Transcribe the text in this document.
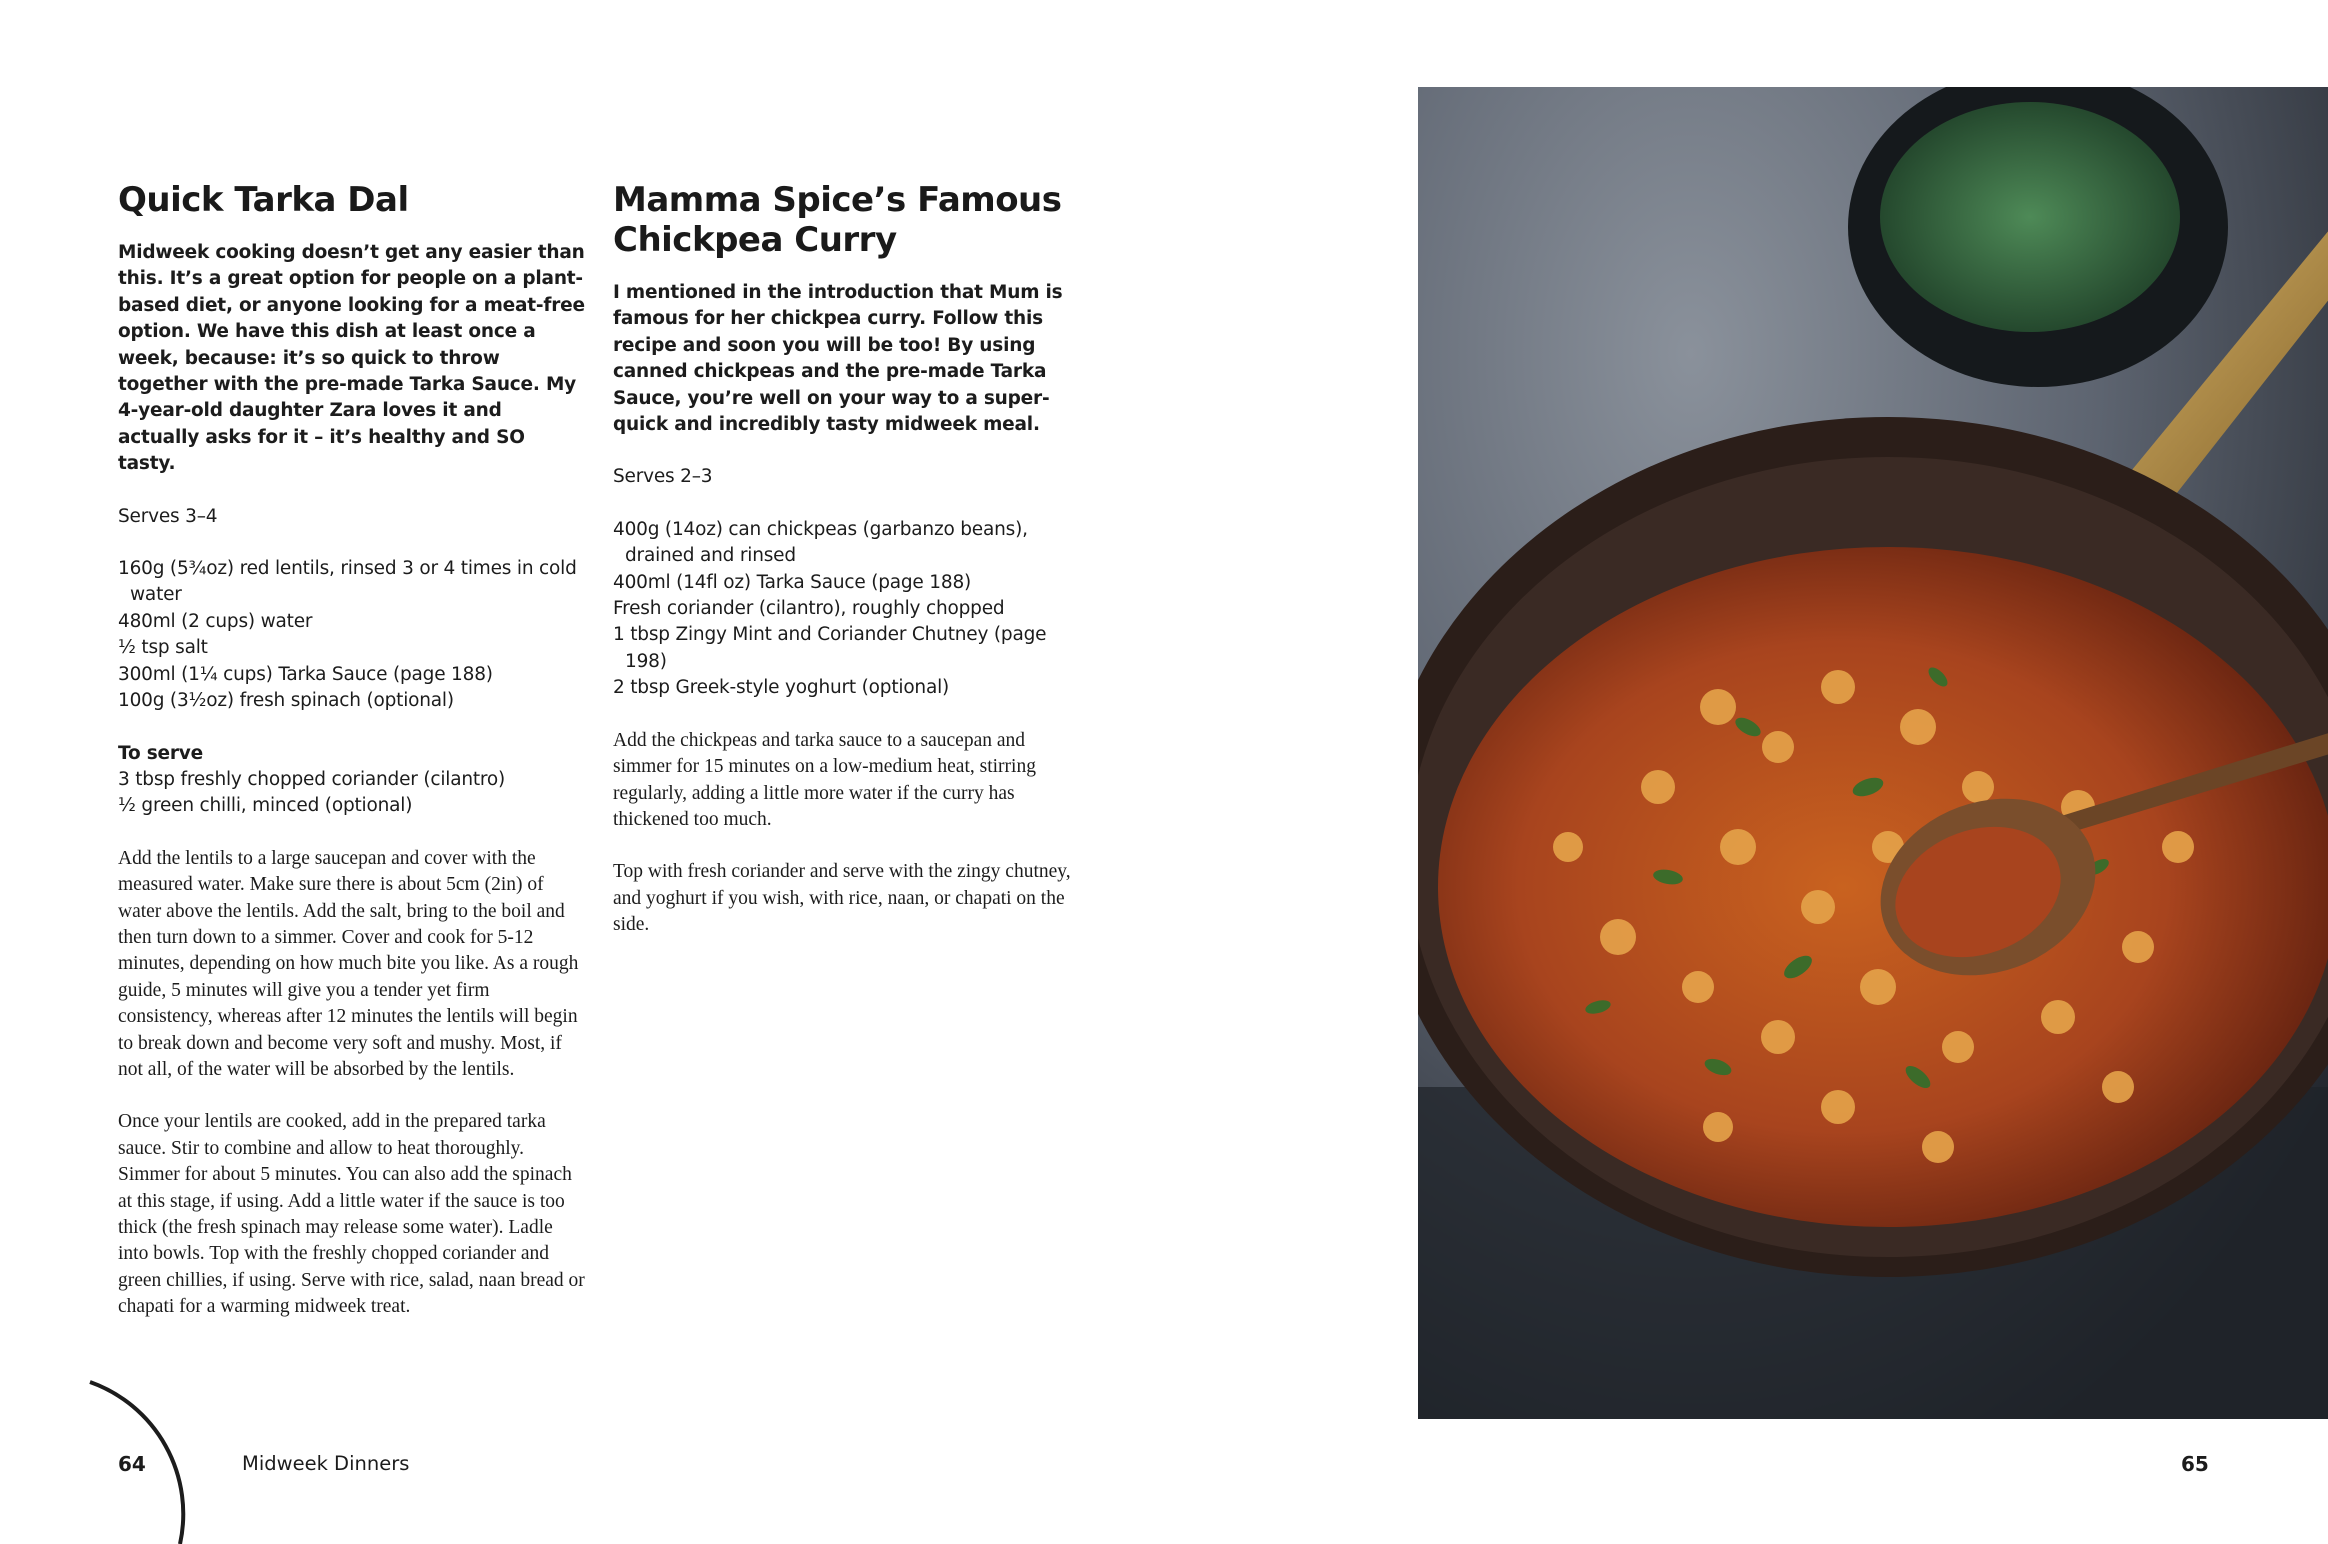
Quick Tarka Dal

Midweek cooking doesn’t get any easier than this. It’s a great option for people on a plant-based diet, or anyone looking for a meat-free option. We have this dish at least once a week, because: it’s so quick to throw together with the pre-made Tarka Sauce. My 4-year-old daughter Zara loves it and actually asks for it – it’s healthy and SO tasty.

Serves 3–4

160g (5¾oz) red lentils, rinsed 3 or 4 times in cold water
480ml (2 cups) water
½ tsp salt
300ml (1¼ cups) Tarka Sauce (page 188)
100g (3½oz) fresh spinach (optional)

To serve

3 tbsp freshly chopped coriander (cilantro)
½ green chilli, minced (optional)

Add the lentils to a large saucepan and cover with the measured water. Make sure there is about 5cm (2in) of water above the lentils. Add the salt, bring to the boil and then turn down to a simmer. Cover and cook for 5-12 minutes, depending on how much bite you like. As a rough guide, 5 minutes will give you a tender yet firm consistency, whereas after 12 minutes the lentils will begin to break down and become very soft and mushy. Most, if not all, of the water will be absorbed by the lentils.

Once your lentils are cooked, add in the prepared tarka sauce. Stir to combine and allow to heat thoroughly. Simmer for about 5 minutes. You can also add the spinach at this stage, if using. Add a little water if the sauce is too thick (the fresh spinach may release some water). Ladle into bowls. Top with the freshly chopped coriander and green chillies, if using. Serve with rice, salad, naan bread or chapati for a warming midweek treat.

Mamma Spice’s Famous Chickpea Curry

I mentioned in the introduction that Mum is famous for her chickpea curry. Follow this recipe and soon you will be too! By using canned chickpeas and the pre-made Tarka Sauce, you’re well on your way to a super-quick and incredibly tasty midweek meal.

Serves 2–3

400g (14oz) can chickpeas (garbanzo beans), drained and rinsed
400ml (14fl oz) Tarka Sauce (page 188)
Fresh coriander (cilantro), roughly chopped
1 tbsp Zingy Mint and Coriander Chutney (page 198)
2 tbsp Greek-style yoghurt (optional)

Add the chickpeas and tarka sauce to a saucepan and simmer for 15 minutes on a low-medium heat, stirring regularly, adding a little more water if the curry has thickened too much.

Top with fresh coriander and serve with the zingy chutney, and yoghurt if you wish, with rice, naan, or chapati on the side.

64	Midweek Dinners	65
